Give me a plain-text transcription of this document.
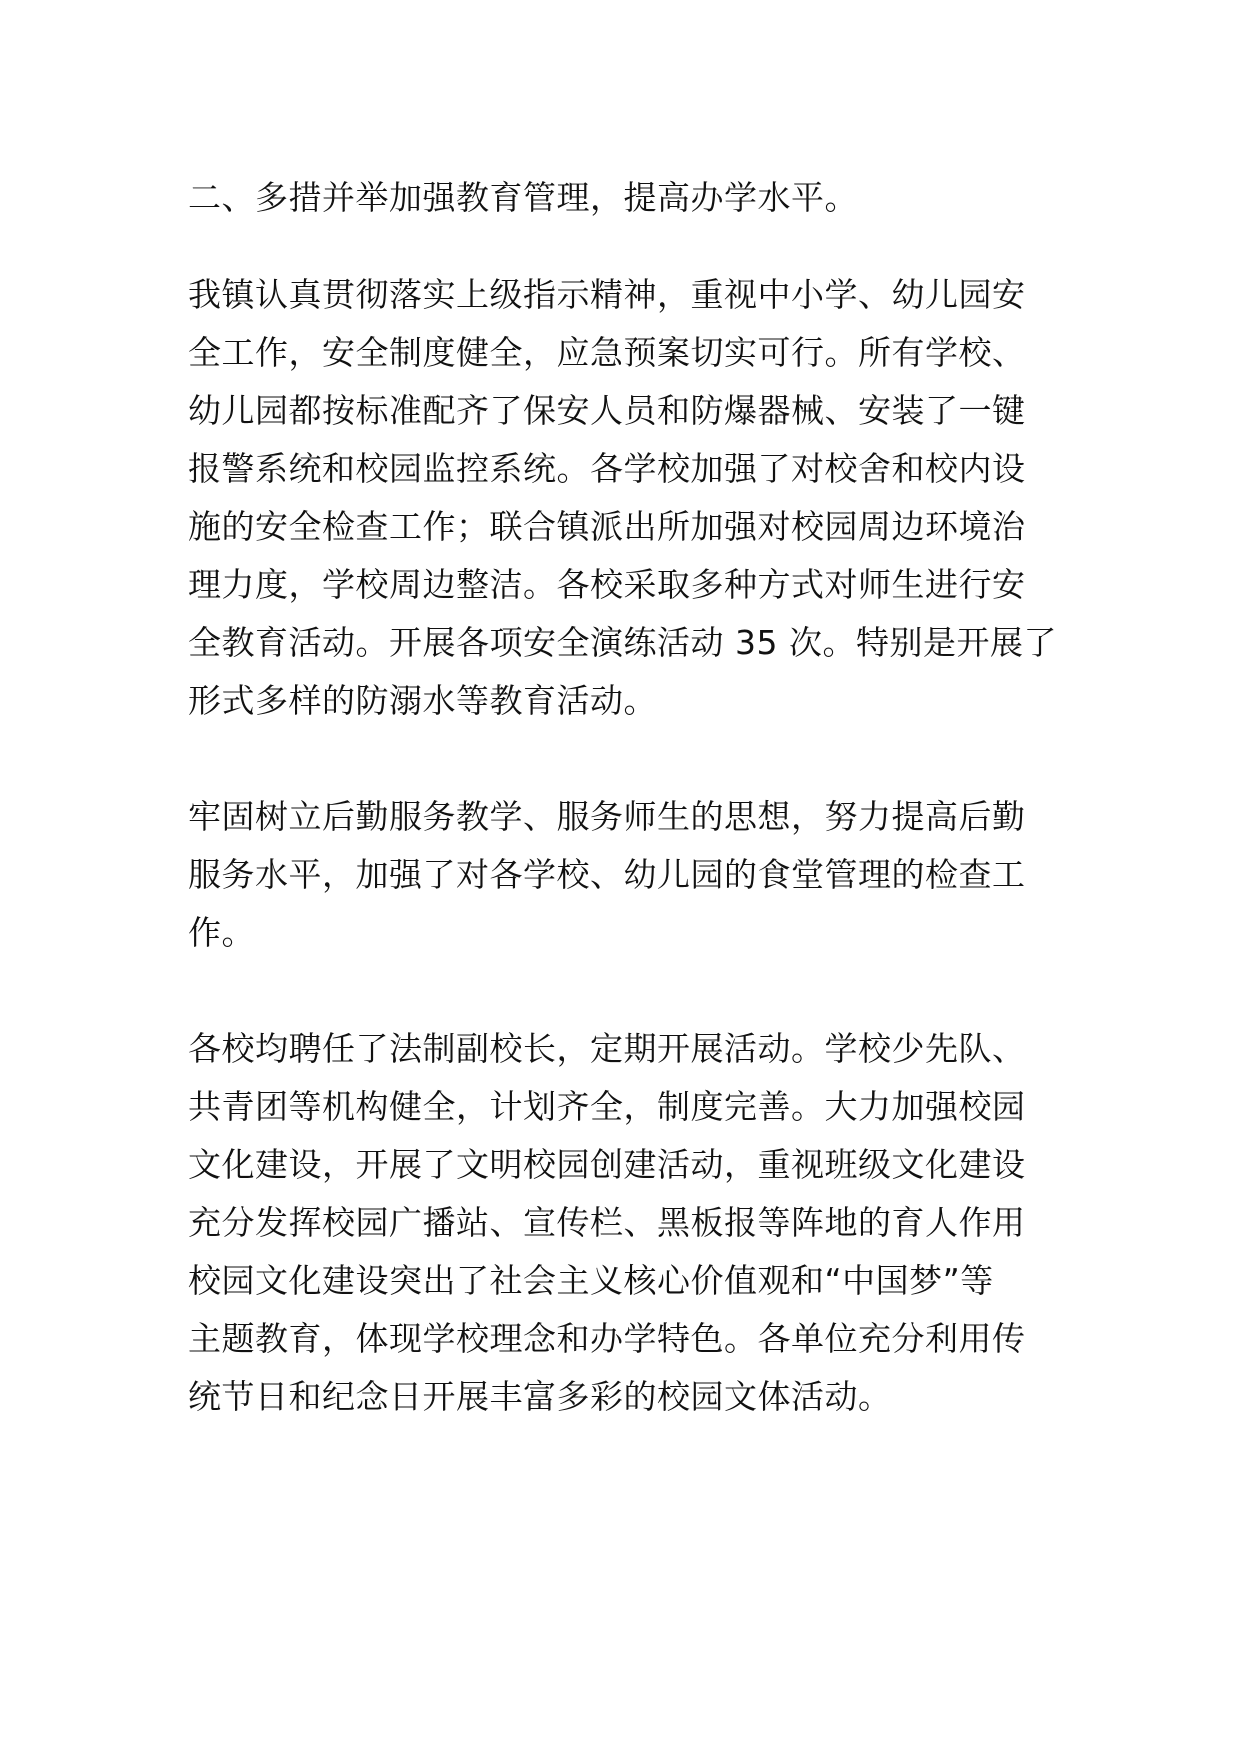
二、多措并举加强教育管理，提高办学水平。
我镇认真贯彻落实上级指示精神，重视中小学、幼儿园安
全工作，安全制度健全，应急预案切实可行。所有学校、
幼儿园都按标准配齐了保安人员和防爆器械、安装了一键
报警系统和校园监控系统。各学校加强了对校舍和校内设
施的安全检查工作；联合镇派出所加强对校园周边环境治
理力度，学校周边整洁。各校采取多种方式对师生进行安
全教育活动。开展各项安全演练活动 35 次。特别是开展了
形式多样的防溺水等教育活动。
牢固树立后勤服务教学、服务师生的思想，努力提高后勤
服务水平，加强了对各学校、幼儿园的食堂管理的检查工
作。
各校均聘任了法制副校长，定期开展活动。学校少先队、
共青团等机构健全，计划齐全，制度完善。大力加强校园
文化建设，开展了文明校园创建活动，重视班级文化建设
充分发挥校园广播站、宣传栏、黑板报等阵地的育人作用
校园文化建设突出了社会主义核心价值观和“中国梦”等
主题教育，体现学校理念和办学特色。各单位充分利用传
统节日和纪念日开展丰富多彩的校园文体活动。
